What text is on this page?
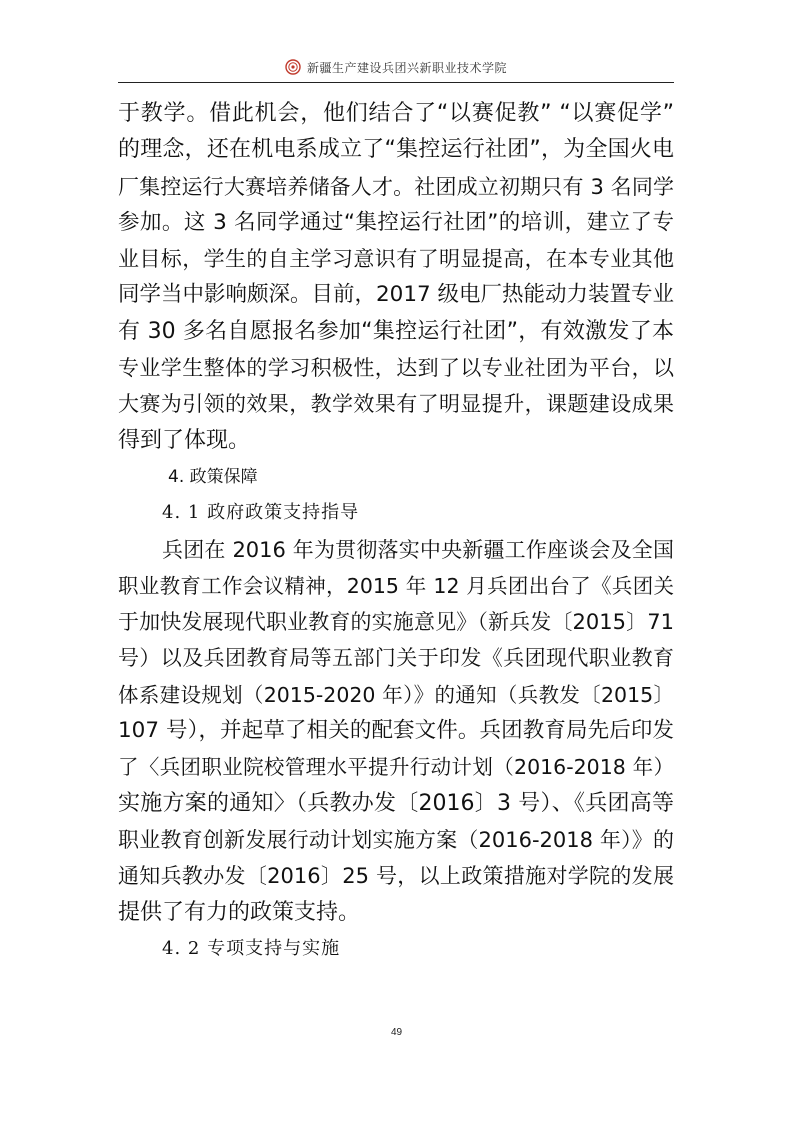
新疆生产建设兵团兴新职业技术学院
于教学。借此机会，他们结合了“以赛促教” “以赛促学”
的理念，还在机电系成立了“集控运行社团”，为全国火电
厂集控运行大赛培养储备人才。社团成立初期只有 3 名同学
参加。这 3 名同学通过“集控运行社团”的培训，建立了专
业目标，学生的自主学习意识有了明显提高，在本专业其他
同学当中影响颇深。目前，2017 级电厂热能动力装置专业
有 30 多名自愿报名参加“集控运行社团”，有效激发了本
专业学生整体的学习积极性，达到了以专业社团为平台，以
大赛为引领的效果，教学效果有了明显提升，课题建设成果
得到了体现。
4. 政策保障
4. 1 政府政策支持指导
兵团在 2016 年为贯彻落实中央新疆工作座谈会及全国
职业教育工作会议精神，2015 年 12 月兵团出台了《兵团关
于加快发展现代职业教育的实施意见》（新兵发〔2015〕71
号）以及兵团教育局等五部门关于印发《兵团现代职业教育
体系建设规划（2015-2020 年）》的通知（兵教发〔2015〕
107 号），并起草了相关的配套文件。兵团教育局先后印发
了〈兵团职业院校管理水平提升行动计划（2016-2018 年）
实施方案的通知〉（兵教办发〔2016〕3 号）、《兵团高等
职业教育创新发展行动计划实施方案（2016-2018 年）》的
通知兵教办发〔2016〕25 号，以上政策措施对学院的发展
提供了有力的政策支持。
4. 2 专项支持与实施
49
